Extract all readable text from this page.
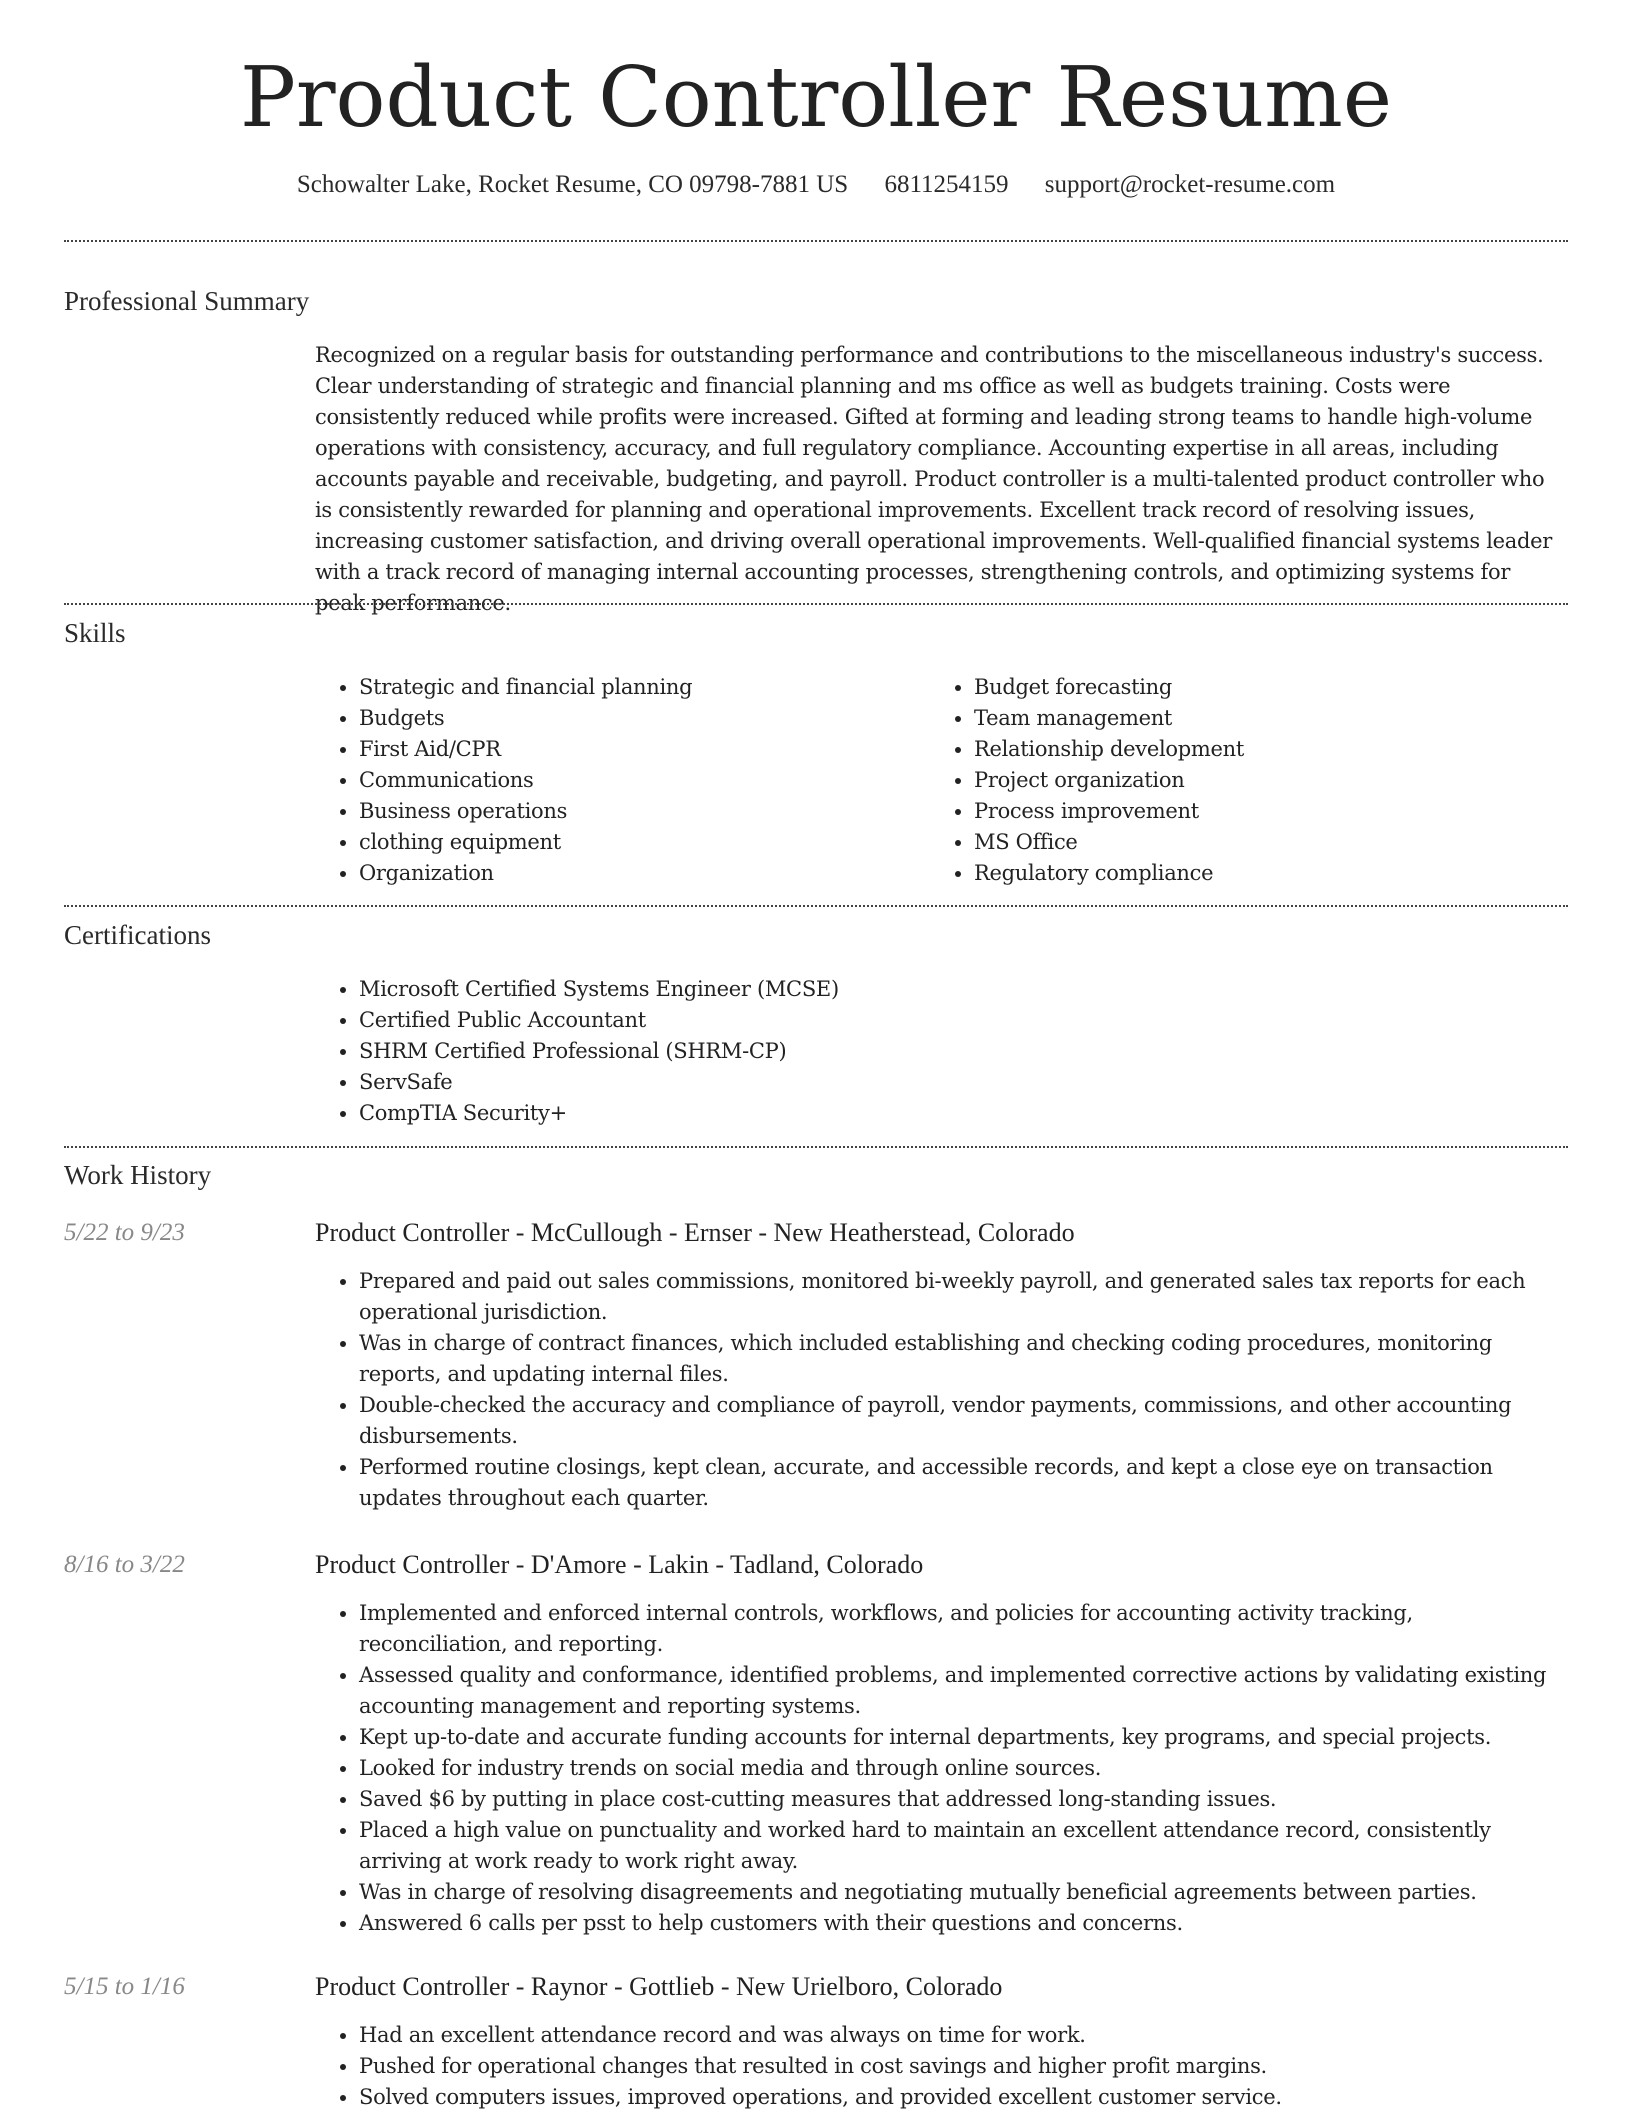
Product Controller Resume
Schowalter Lake, Rocket Resume, CO 09798-7881 US 6811254159 support@rocket-resume.com
Professional Summary
Recognized on a regular basis for outstanding performance and contributions to the miscellaneous industry's success. Clear understanding of strategic and financial planning and ms office as well as budgets training. Costs were consistently reduced while profits were increased. Gifted at forming and leading strong teams to handle high-volume operations with consistency, accuracy, and full regulatory compliance. Accounting expertise in all areas, including accounts payable and receivable, budgeting, and payroll. Product controller is a multi-talented product controller who is consistently rewarded for planning and operational improvements. Excellent track record of resolving issues, increasing customer satisfaction, and driving overall operational improvements. Well-qualified financial systems leader with a track record of managing internal accounting processes, strengthening controls, and optimizing systems for peak performance.
Skills
• Strategic and financial planning
• Budgets
• First Aid/CPR
• Communications
• Business operations
• clothing equipment
• Organization
• Budget forecasting
• Team management
• Relationship development
• Project organization
• Process improvement
• MS Office
• Regulatory compliance
Certifications
• Microsoft Certified Systems Engineer (MCSE)
• Certified Public Accountant
• SHRM Certified Professional (SHRM-CP)
• ServSafe
• CompTIA Security+
Work History
5/22 to 9/23	Product Controller - McCullough - Ernser - New Heatherstead, Colorado
• Prepared and paid out sales commissions, monitored bi-weekly payroll, and generated sales tax reports for each operational jurisdiction.
• Was in charge of contract finances, which included establishing and checking coding procedures, monitoring reports, and updating internal files.
• Double-checked the accuracy and compliance of payroll, vendor payments, commissions, and other accounting disbursements.
• Performed routine closings, kept clean, accurate, and accessible records, and kept a close eye on transaction updates throughout each quarter.
8/16 to 3/22	Product Controller - D'Amore - Lakin - Tadland, Colorado
• Implemented and enforced internal controls, workflows, and policies for accounting activity tracking, reconciliation, and reporting.
• Assessed quality and conformance, identified problems, and implemented corrective actions by validating existing accounting management and reporting systems.
• Kept up-to-date and accurate funding accounts for internal departments, key programs, and special projects.
• Looked for industry trends on social media and through online sources.
• Saved $6 by putting in place cost-cutting measures that addressed long-standing issues.
• Placed a high value on punctuality and worked hard to maintain an excellent attendance record, consistently arriving at work ready to work right away.
• Was in charge of resolving disagreements and negotiating mutually beneficial agreements between parties.
• Answered 6 calls per psst to help customers with their questions and concerns.
5/15 to 1/16	Product Controller - Raynor - Gottlieb - New Urielboro, Colorado
• Had an excellent attendance record and was always on time for work.
• Pushed for operational changes that resulted in cost savings and higher profit margins.
• Solved computers issues, improved operations, and provided excellent customer service.
